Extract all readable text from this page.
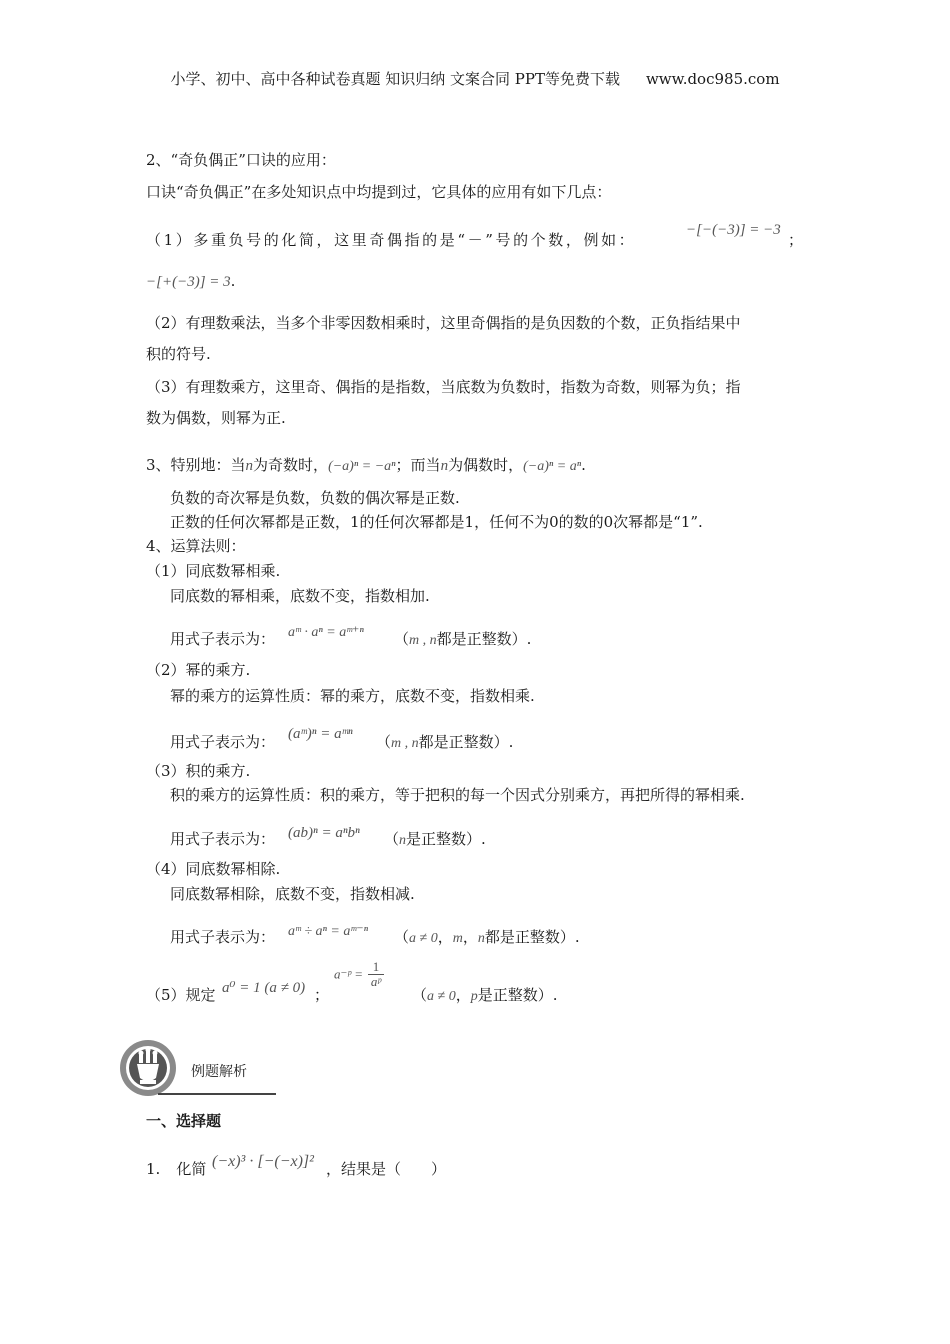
小学、初中、高中各种试卷真题 知识归纳 文案合同 PPT等免费下载 www.doc985.com
2、“奇负偶正”口诀的应用：
口诀“奇负偶正”在多处知识点中均提到过，它具体的应用有如下几点：
（1）多重负号的化简，这里奇偶指的是“－”号的个数，例如：
−[−(−3)] = −3
；
−[+(−3)] = 3.
（2）有理数乘法，当多个非零因数相乘时，这里奇偶指的是负因数的个数，正负指结果中
积的符号.
（3）有理数乘方，这里奇、偶指的是指数，当底数为负数时，指数为奇数，则幂为负；指
数为偶数，则幂为正.
3、特别地：当n为奇数时，(−a)ⁿ = −aⁿ；而当n为偶数时，(−a)ⁿ = aⁿ.
负数的奇次幂是负数，负数的偶次幂是正数.
正数的任何次幂都是正数，1的任何次幂都是1，任何不为0的数的0次幂都是“1”.
4、运算法则：
（1）同底数幂相乘.
同底数的幂相乘，底数不变，指数相加.
用式子表示为： aᵐ · aⁿ = aᵐ⁺ⁿ （m , n都是正整数）.
（2）幂的乘方.
幂的乘方的运算性质：幂的乘方，底数不变，指数相乘.
用式子表示为： (aᵐ)ⁿ = aᵐⁿ （m , n都是正整数）.
（3）积的乘方.
积的乘方的运算性质：积的乘方，等于把积的每一个因式分别乘方，再把所得的幂相乘.
用式子表示为： (ab)ⁿ = aⁿbⁿ （n是正整数）.
（4）同底数幂相除.
同底数幂相除，底数不变，指数相减.
用式子表示为： aᵐ ÷ aⁿ = aᵐ⁻ⁿ （a ≠ 0，m，n都是正整数）.
（5）规定 a⁰ = 1 (a ≠ 0) ；
a⁻ᵖ = $\frac{1}{\text{aᵖ}}$
（a ≠ 0，p是正整数）.
例题解析
一、选择题
1. 化简 (−x)³ · [−(−x)]² ，结果是（　　）
